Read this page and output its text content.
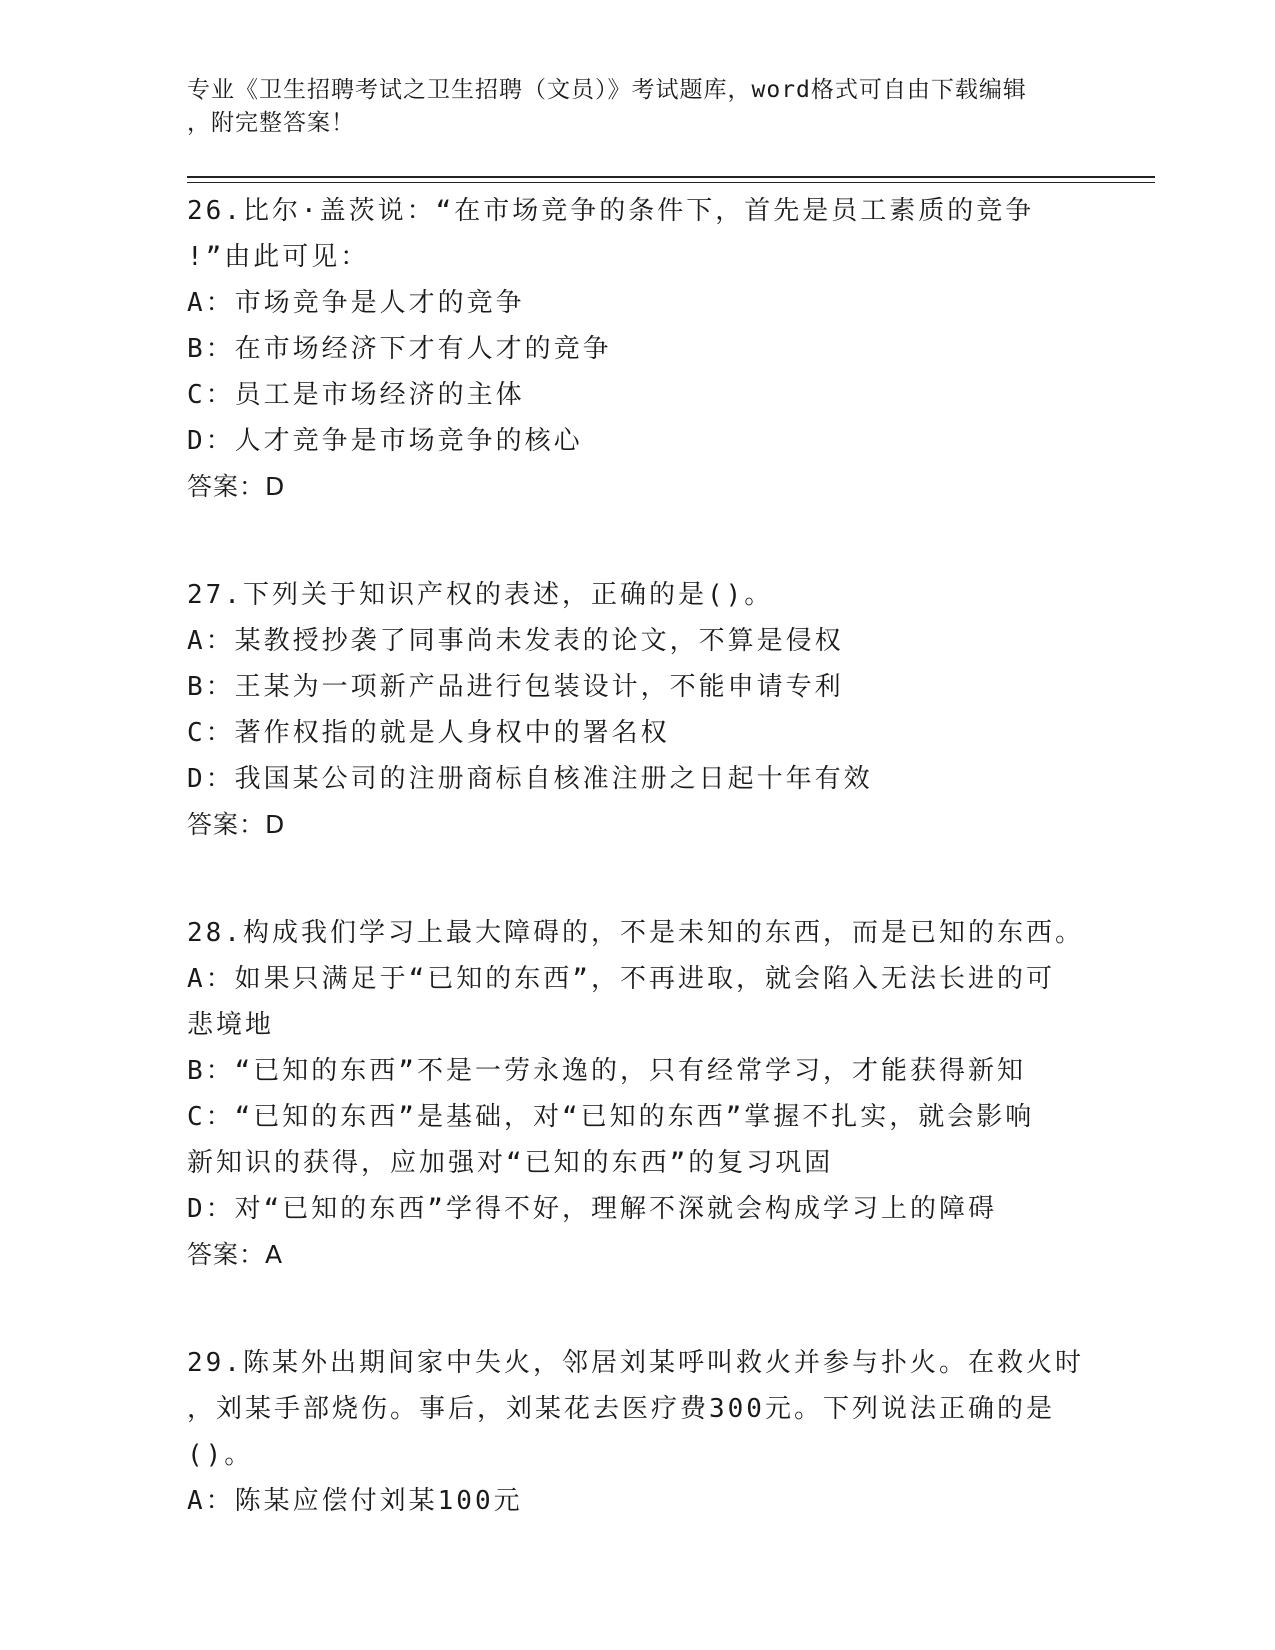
专业《卫生招聘考试之卫生招聘（文员）》考试题库，word格式可自由下载编辑
，附完整答案！
26.比尔·盖茨说：“在市场竞争的条件下，首先是员工素质的竞争
!”由此可见：
A：市场竞争是人才的竞争
B：在市场经济下才有人才的竞争
C：员工是市场经济的主体
D：人才竞争是市场竞争的核心
答案：D
27.下列关于知识产权的表述，正确的是()。
A：某教授抄袭了同事尚未发表的论文，不算是侵权
B：王某为一项新产品进行包装设计，不能申请专利
C：著作权指的就是人身权中的署名权
D：我国某公司的注册商标自核准注册之日起十年有效
答案：D
28.构成我们学习上最大障碍的，不是未知的东西，而是已知的东西。
A：如果只满足于“已知的东西”，不再进取，就会陷入无法长进的可
悲境地
B：“已知的东西”不是一劳永逸的，只有经常学习，才能获得新知
C：“已知的东西”是基础，对“已知的东西”掌握不扎实，就会影响
新知识的获得，应加强对“已知的东西”的复习巩固
D：对“已知的东西”学得不好，理解不深就会构成学习上的障碍
答案：A
29.陈某外出期间家中失火，邻居刘某呼叫救火并参与扑火。在救火时
，刘某手部烧伤。事后，刘某花去医疗费300元。下列说法正确的是
()。
A：陈某应偿付刘某100元
